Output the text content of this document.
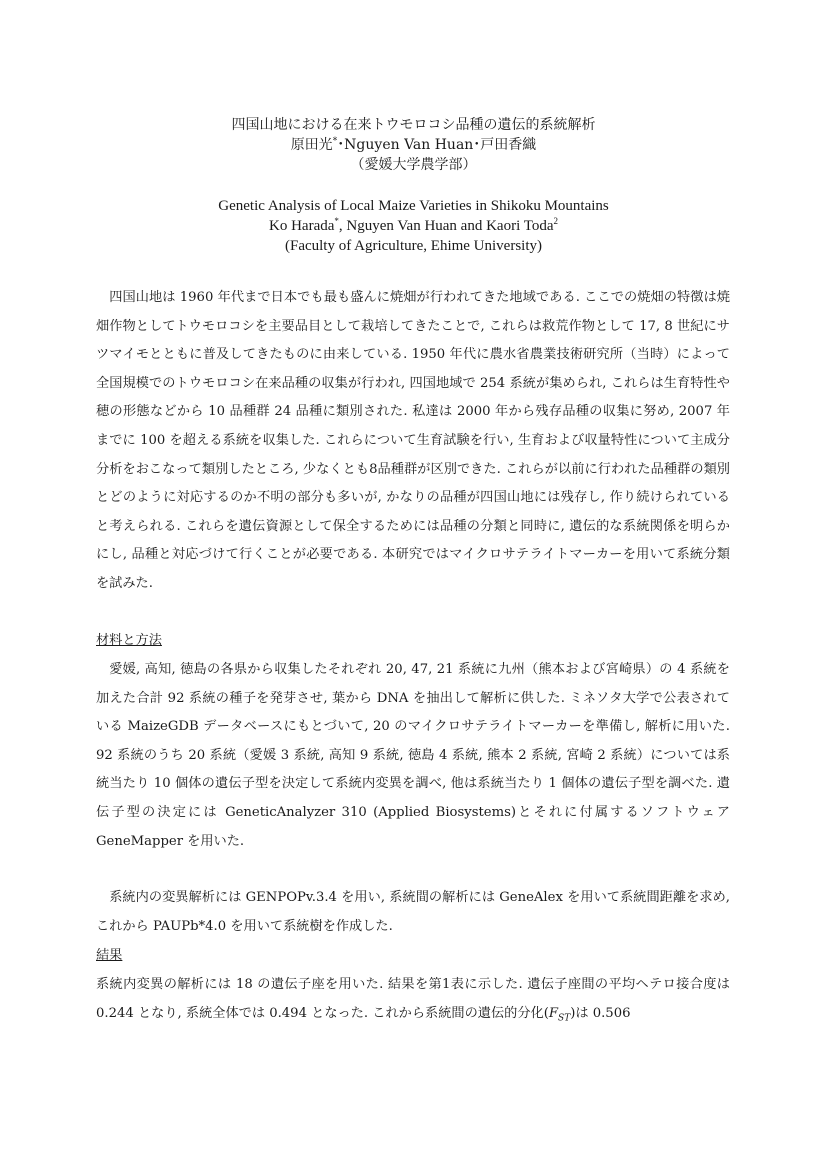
四国山地における在来トウモロコシ品種の遺伝的系統解析
原田光*･Nguyen Van Huan･戸田香織
（愛媛大学農学部）
Genetic Analysis of Local Maize Varieties in Shikoku Mountains
Ko Harada*, Nguyen Van Huan and Kaori Toda$^2$
(Faculty of Agriculture, Ehime University)

四国山地は 1960 年代まで日本でも最も盛んに焼畑が行われてきた地域である. ここでの焼畑の特徴は焼畑作物としてトウモロコシを主要品目として栽培してきたことで, これらは救荒作物として 17, 8 世紀にサツマイモとともに普及してきたものに由来している. 1950 年代に農水省農業技術研究所（当時）によって全国規模でのトウモロコシ在来品種の収集が行われ, 四国地域で 254 系統が集められ, これらは生育特性や穂の形態などから 10 品種群 24 品種に類別された. 私達は 2000 年から残存品種の収集に努め, 2007 年までに 100 を超える系統を収集した. これらについて生育試験を行い, 生育および収量特性について主成分分析をおこなって類別したところ, 少なくとも8品種群が区別できた. これらが以前に行われた品種群の類別とどのように対応するのか不明の部分も多いが, かなりの品種が四国山地には残存し, 作り続けられていると考えられる. これらを遺伝資源として保全するためには品種の分類と同時に, 遺伝的な系統関係を明らかにし, 品種と対応づけて行くことが必要である. 本研究ではマイクロサテライトマーカーを用いて系統分類を試みた.

材料と方法

愛媛, 高知, 徳島の各県から収集したそれぞれ 20, 47, 21 系統に九州（熊本および宮崎県）の 4 系統を加えた合計 92 系統の種子を発芽させ, 葉から DNA を抽出して解析に供した. ミネソタ大学で公表されている MaizeGDB データベースにもとづいて, 20 のマイクロサテライトマーカーを準備し, 解析に用いた. 92 系統のうち 20 系統（愛媛 3 系統, 高知 9 系統, 徳島 4 系統, 熊本 2 系統, 宮崎 2 系統）については系統当たり 10 個体の遺伝子型を決定して系統内変異を調べ, 他は系統当たり 1 個体の遺伝子型を調べた. 遺伝子型の決定には GeneticAnalyzer 310 (Applied Biosystems)とそれに付属するソフトウェア GeneMapper を用いた.

系統内の変異解析には GENPOPv.3.4 を用い, 系統間の解析には GeneAlex を用いて系統間距離を求め, これから PAUPb*4.0 を用いて系統樹を作成した.

結果

系統内変異の解析には 18 の遺伝子座を用いた. 結果を第1表に示した. 遺伝子座間の平均ヘテロ接合度は 0.244 となり, 系統全体では 0.494 となった. これから系統間の遺伝的分化$(F_{ST})$は 0.506
